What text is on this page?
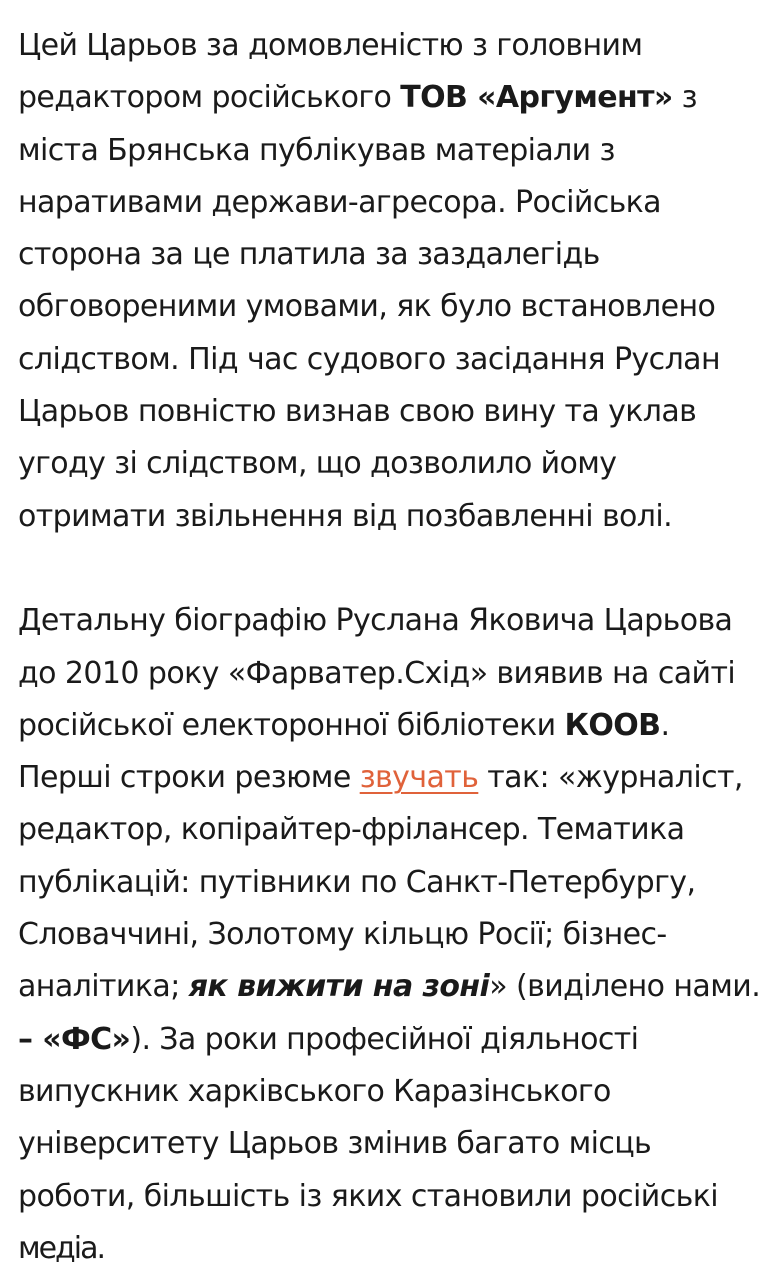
Цей Царьов за домовленістю з головним
редактором російського ТОВ «Аргумент» з
міста Брянська публікував матеріали з
наративами держави-агресора. Російська
сторона за це платила за заздалегідь
обговореними умовами, як було встановлено
слідством. Під час судового засідання Руслан
Царьов повністю визнав свою вину та уклав
угоду зі слідством, що дозволило йому
отримати звільнення від позбавленні волі.

Детальну біографію Руслана Яковича Царьова
до 2010 року «Фарватер.Схід» виявив на сайті
російської електоронної бібліотеки КООВ.
Перші строки резюме звучать так: «журналіст,
редактор, копірайтер-фрілансер. Тематика
публікацій: путівники по Санкт-Петербургу,
Словаччині, Золотому кільцю Росії; бізнес-
аналітика; як вижити на зоні» (виділено нами.
– «ФС»). За роки професійної діяльності
випускник харківського Каразінського
університету Царьов змінив багато місць
роботи, більшість із яких становили російські
медіа.
